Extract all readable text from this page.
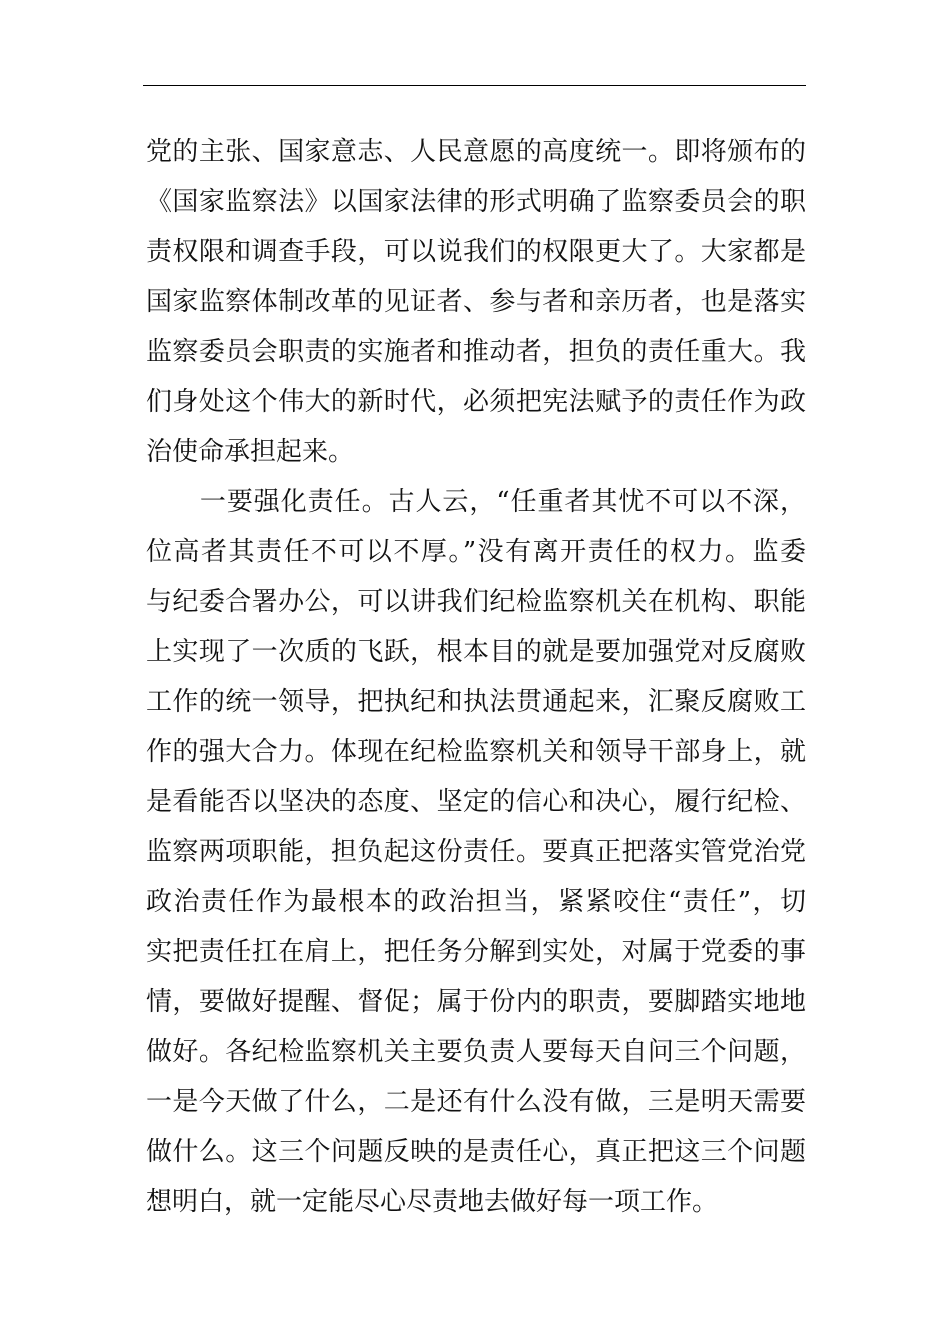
党的主张、国家意志、人民意愿的高度统一。即将颁布的
《国家监察法》以国家法律的形式明确了监察委员会的职
责权限和调查手段，可以说我们的权限更大了。大家都是
国家监察体制改革的见证者、参与者和亲历者，也是落实
监察委员会职责的实施者和推动者，担负的责任重大。我
们身处这个伟大的新时代，必须把宪法赋予的责任作为政
治使命承担起来。
　　一要强化责任。古人云，“任重者其忧不可以不深，
位高者其责任不可以不厚。”没有离开责任的权力。监委
与纪委合署办公，可以讲我们纪检监察机关在机构、职能
上实现了一次质的飞跃，根本目的就是要加强党对反腐败
工作的统一领导，把执纪和执法贯通起来，汇聚反腐败工
作的强大合力。体现在纪检监察机关和领导干部身上，就
是看能否以坚决的态度、坚定的信心和决心，履行纪检、
监察两项职能，担负起这份责任。要真正把落实管党治党
政治责任作为最根本的政治担当，紧紧咬住“责任”，切
实把责任扛在肩上，把任务分解到实处，对属于党委的事
情，要做好提醒、督促；属于份内的职责，要脚踏实地地
做好。各纪检监察机关主要负责人要每天自问三个问题，
一是今天做了什么，二是还有什么没有做，三是明天需要
做什么。这三个问题反映的是责任心，真正把这三个问题
想明白，就一定能尽心尽责地去做好每一项工作。
